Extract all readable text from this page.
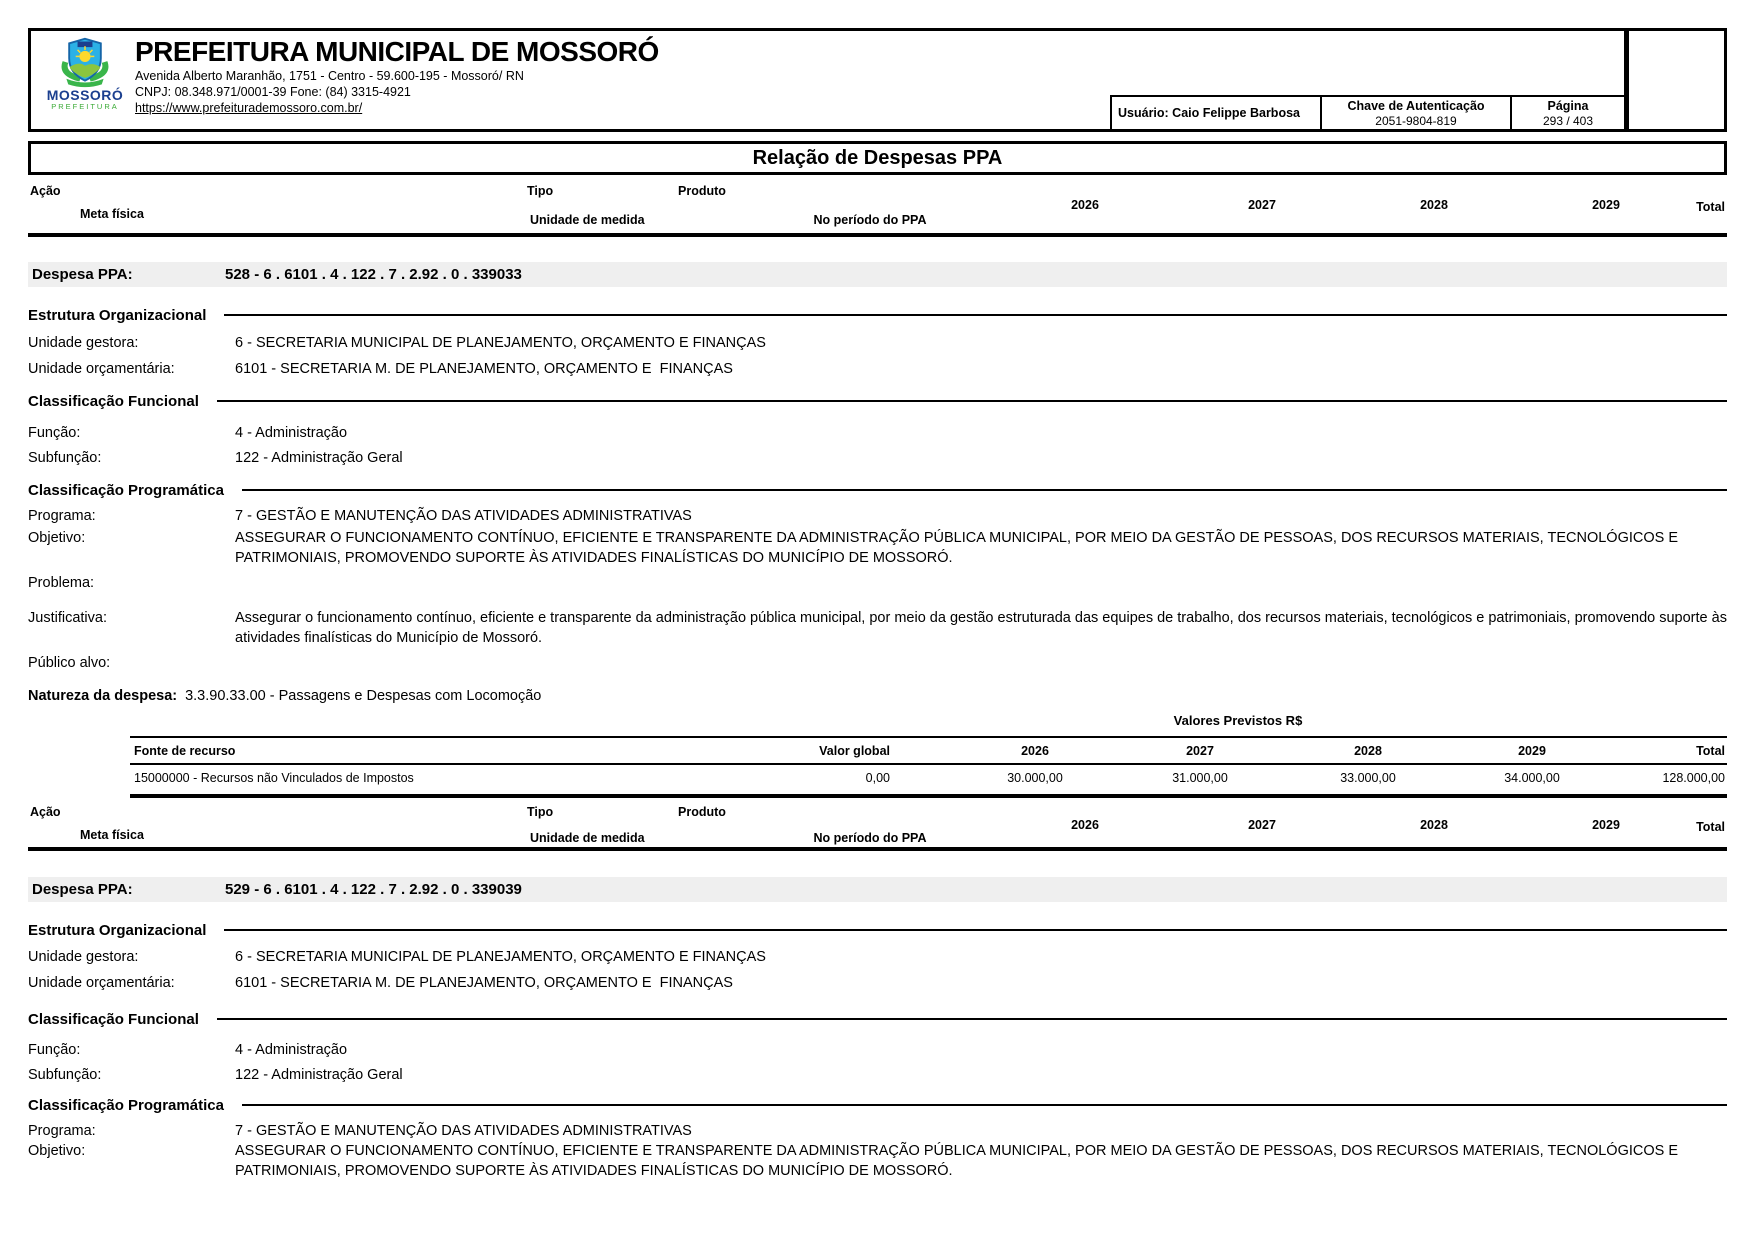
MOSSORÓ
PREFEITURA
PREFEITURA MUNICIPAL DE MOSSORÓ
Avenida Alberto Maranhão, 1751 - Centro - 59.600-195 - Mossoró/ RN
CNPJ: 08.348.971/0001-39 Fone: (84) 3315-4921
https://www.prefeiturademossoro.com.br/	Usuário: Caio Felippe Barbosa	Chave de Autenticação
2051-9804-819
Página
293 / 403
Relação de Despesas PPA
Ação
Meta física
Tipo
Unidade de medida
Produto
No período do PPA
2026	2027	2028	2029	Total
Despesa PPA:	528 - 6 . 6101 . 4 . 122 . 7 . 2.92 . 0 . 339033
Estrutura Organizacional
Unidade gestora:	6 - SECRETARIA MUNICIPAL DE PLANEJAMENTO, ORÇAMENTO E FINANÇAS
Unidade orçamentária:	6101 - SECRETARIA M. DE PLANEJAMENTO, ORÇAMENTO E  FINANÇAS
Classificação Funcional
Função:	4 - Administração
Subfunção:	122 - Administração Geral
Classificação Programática
Programa:	7 - GESTÃO E MANUTENÇÃO DAS ATIVIDADES ADMINISTRATIVAS
Objetivo:	ASSEGURAR O FUNCIONAMENTO CONTÍNUO, EFICIENTE E TRANSPARENTE DA ADMINISTRAÇÃO PÚBLICA MUNICIPAL, POR MEIO DA GESTÃO DE PESSOAS, DOS RECURSOS MATERIAIS, TECNOLÓGICOS E PATRIMONIAIS, PROMOVENDO SUPORTE ÀS ATIVIDADES FINALÍSTICAS DO MUNICÍPIO DE MOSSORÓ.
Problema:
Justificativa:	Assegurar o funcionamento contínuo, eficiente e transparente da administração pública municipal, por meio da gestão estruturada das equipes de trabalho, dos recursos materiais, tecnológicos e patrimoniais, promovendo suporte às atividades finalísticas do Município de Mossoró.
Público alvo:
Natureza da despesa: 3.3.90.33.00 - Passagens e Despesas com Locomoção
Valores Previstos R$
Fonte de recurso	Valor global	2026	2027	2028	2029	Total
15000000 - Recursos não Vinculados de Impostos	0,00	30.000,00	31.000,00	33.000,00	34.000,00	128.000,00
Ação
Meta física
Tipo
Unidade de medida
Produto
No período do PPA
2026	2027	2028	2029	Total
Despesa PPA:	529 - 6 . 6101 . 4 . 122 . 7 . 2.92 . 0 . 339039
Estrutura Organizacional
Unidade gestora:	6 - SECRETARIA MUNICIPAL DE PLANEJAMENTO, ORÇAMENTO E FINANÇAS
Unidade orçamentária:	6101 - SECRETARIA M. DE PLANEJAMENTO, ORÇAMENTO E  FINANÇAS
Classificação Funcional
Função:	4 - Administração
Subfunção:	122 - Administração Geral
Classificação Programática
Programa:	7 - GESTÃO E MANUTENÇÃO DAS ATIVIDADES ADMINISTRATIVAS
Objetivo:	ASSEGURAR O FUNCIONAMENTO CONTÍNUO, EFICIENTE E TRANSPARENTE DA ADMINISTRAÇÃO PÚBLICA MUNICIPAL, POR MEIO DA GESTÃO DE PESSOAS, DOS RECURSOS MATERIAIS, TECNOLÓGICOS E PATRIMONIAIS, PROMOVENDO SUPORTE ÀS ATIVIDADES FINALÍSTICAS DO MUNICÍPIO DE MOSSORÓ.
